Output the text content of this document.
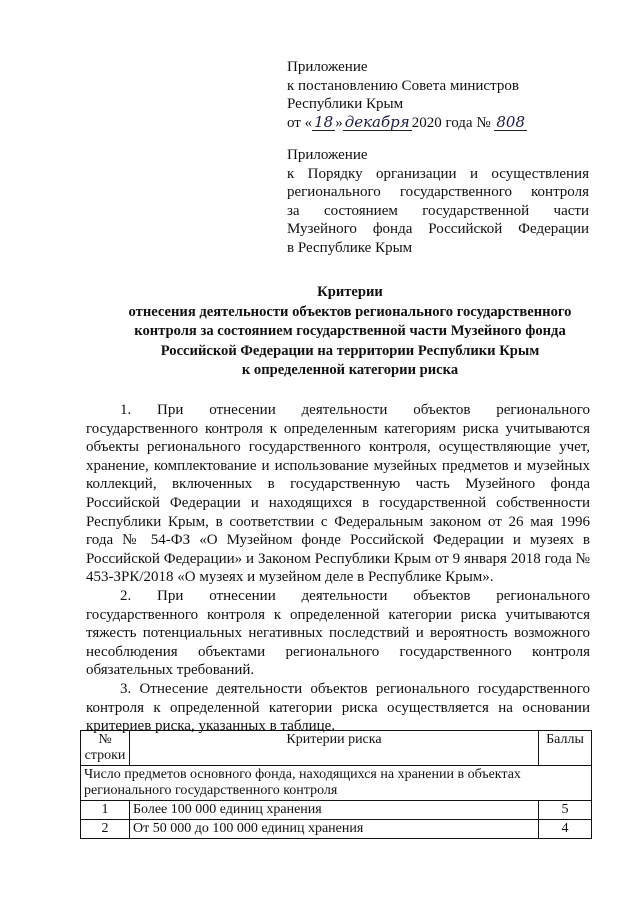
Приложение
к постановлению Совета министров
Республики Крым
от « 18 » декабря 2020 года № 808
Приложение
к Порядку организации и осуществления
регионального государственного контроля
за состоянием государственной части
Музейного фонда Российской Федерации
в Республике Крым
Критерии
отнесения деятельности объектов регионального государственного
контроля за состоянием государственной части Музейного фонда
Российской Федерации на территории Республики Крым
к определенной категории риска

1. При отнесении деятельности объектов регионального государственного контроля к определенным категориям риска учитываются объекты регионального государственного контроля, осуществляющие учет, хранение, комплектование и использование музейных предметов и музейных коллекций, включенных в государственную часть Музейного фонда Российской Федерации и находящихся в государственной собственности Республики Крым, в соответствии с Федеральным законом от 26 мая 1996 года № 54-ФЗ «О Музейном фонде Российской Федерации и музеях в Российской Федерации» и Законом Республики Крым от 9 января 2018 года № 453-ЗРК/2018 «О музеях и музейном деле в Республике Крым».

2. При отнесении деятельности объектов регионального государственного контроля к определенной категории риска учитываются тяжесть потенциальных негативных последствий и вероятность возможного несоблюдения объектами регионального государственного контроля обязательных требований.

3. Отнесение деятельности объектов регионального государственного контроля к определенной категории риска осуществляется на основании критериев риска, указанных в таблице.

№
строки	Критерии риска	Баллы
Число предметов основного фонда, находящихся на хранении в объектах регионального государственного контроля		
1	Более 100 000 единиц хранения	5
2	От 50 000 до 100 000 единиц хранения	4
